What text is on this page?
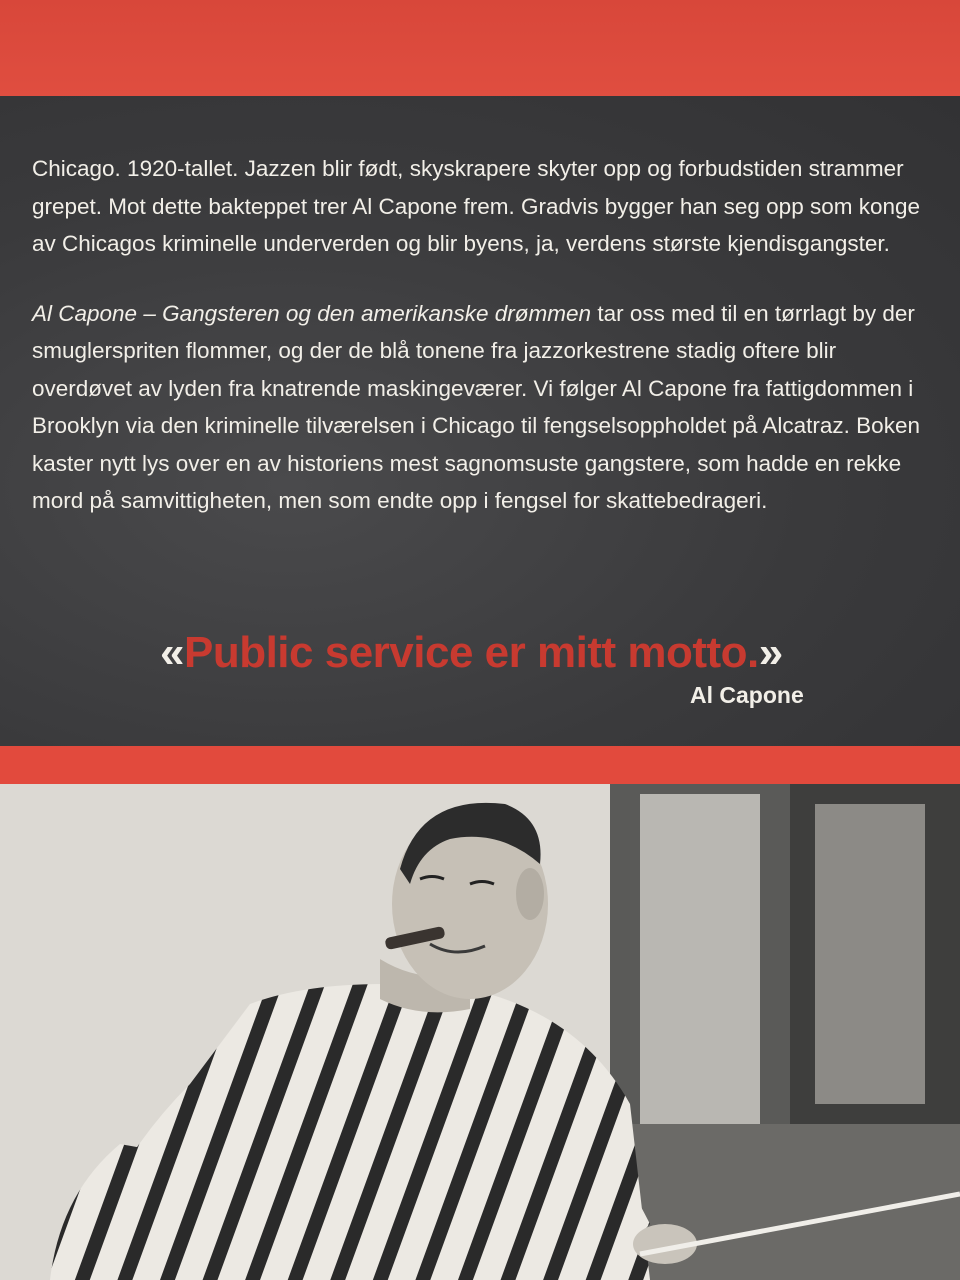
Chicago. 1920-tallet. Jazzen blir født, skyskrapere skyter opp og forbudstiden strammer grepet. Mot dette bakteppet trer Al Capone frem. Gradvis bygger han seg opp som konge av Chicagos kriminelle underverden og blir byens, ja, verdens største kjendisgangster.

Al Capone – Gangsteren og den amerikanske drømmen tar oss med til en tørrlagt by der smuglerspriten flommer, og der de blå tonene fra jazzorkestrene stadig oftere blir overdøvet av lyden fra knatrende maskingeværer. Vi følger Al Capone fra fattigdommen i Brooklyn via den kriminelle tilværelsen i Chicago til fengselsoppholdet på Alcatraz. Boken kaster nytt lys over en av historiens mest sagnomsuste gangstere, som hadde en rekke mord på samvittigheten, men som endte opp i fengsel for skattebedrageri.

«Public service er mitt motto.»
Al Capone
